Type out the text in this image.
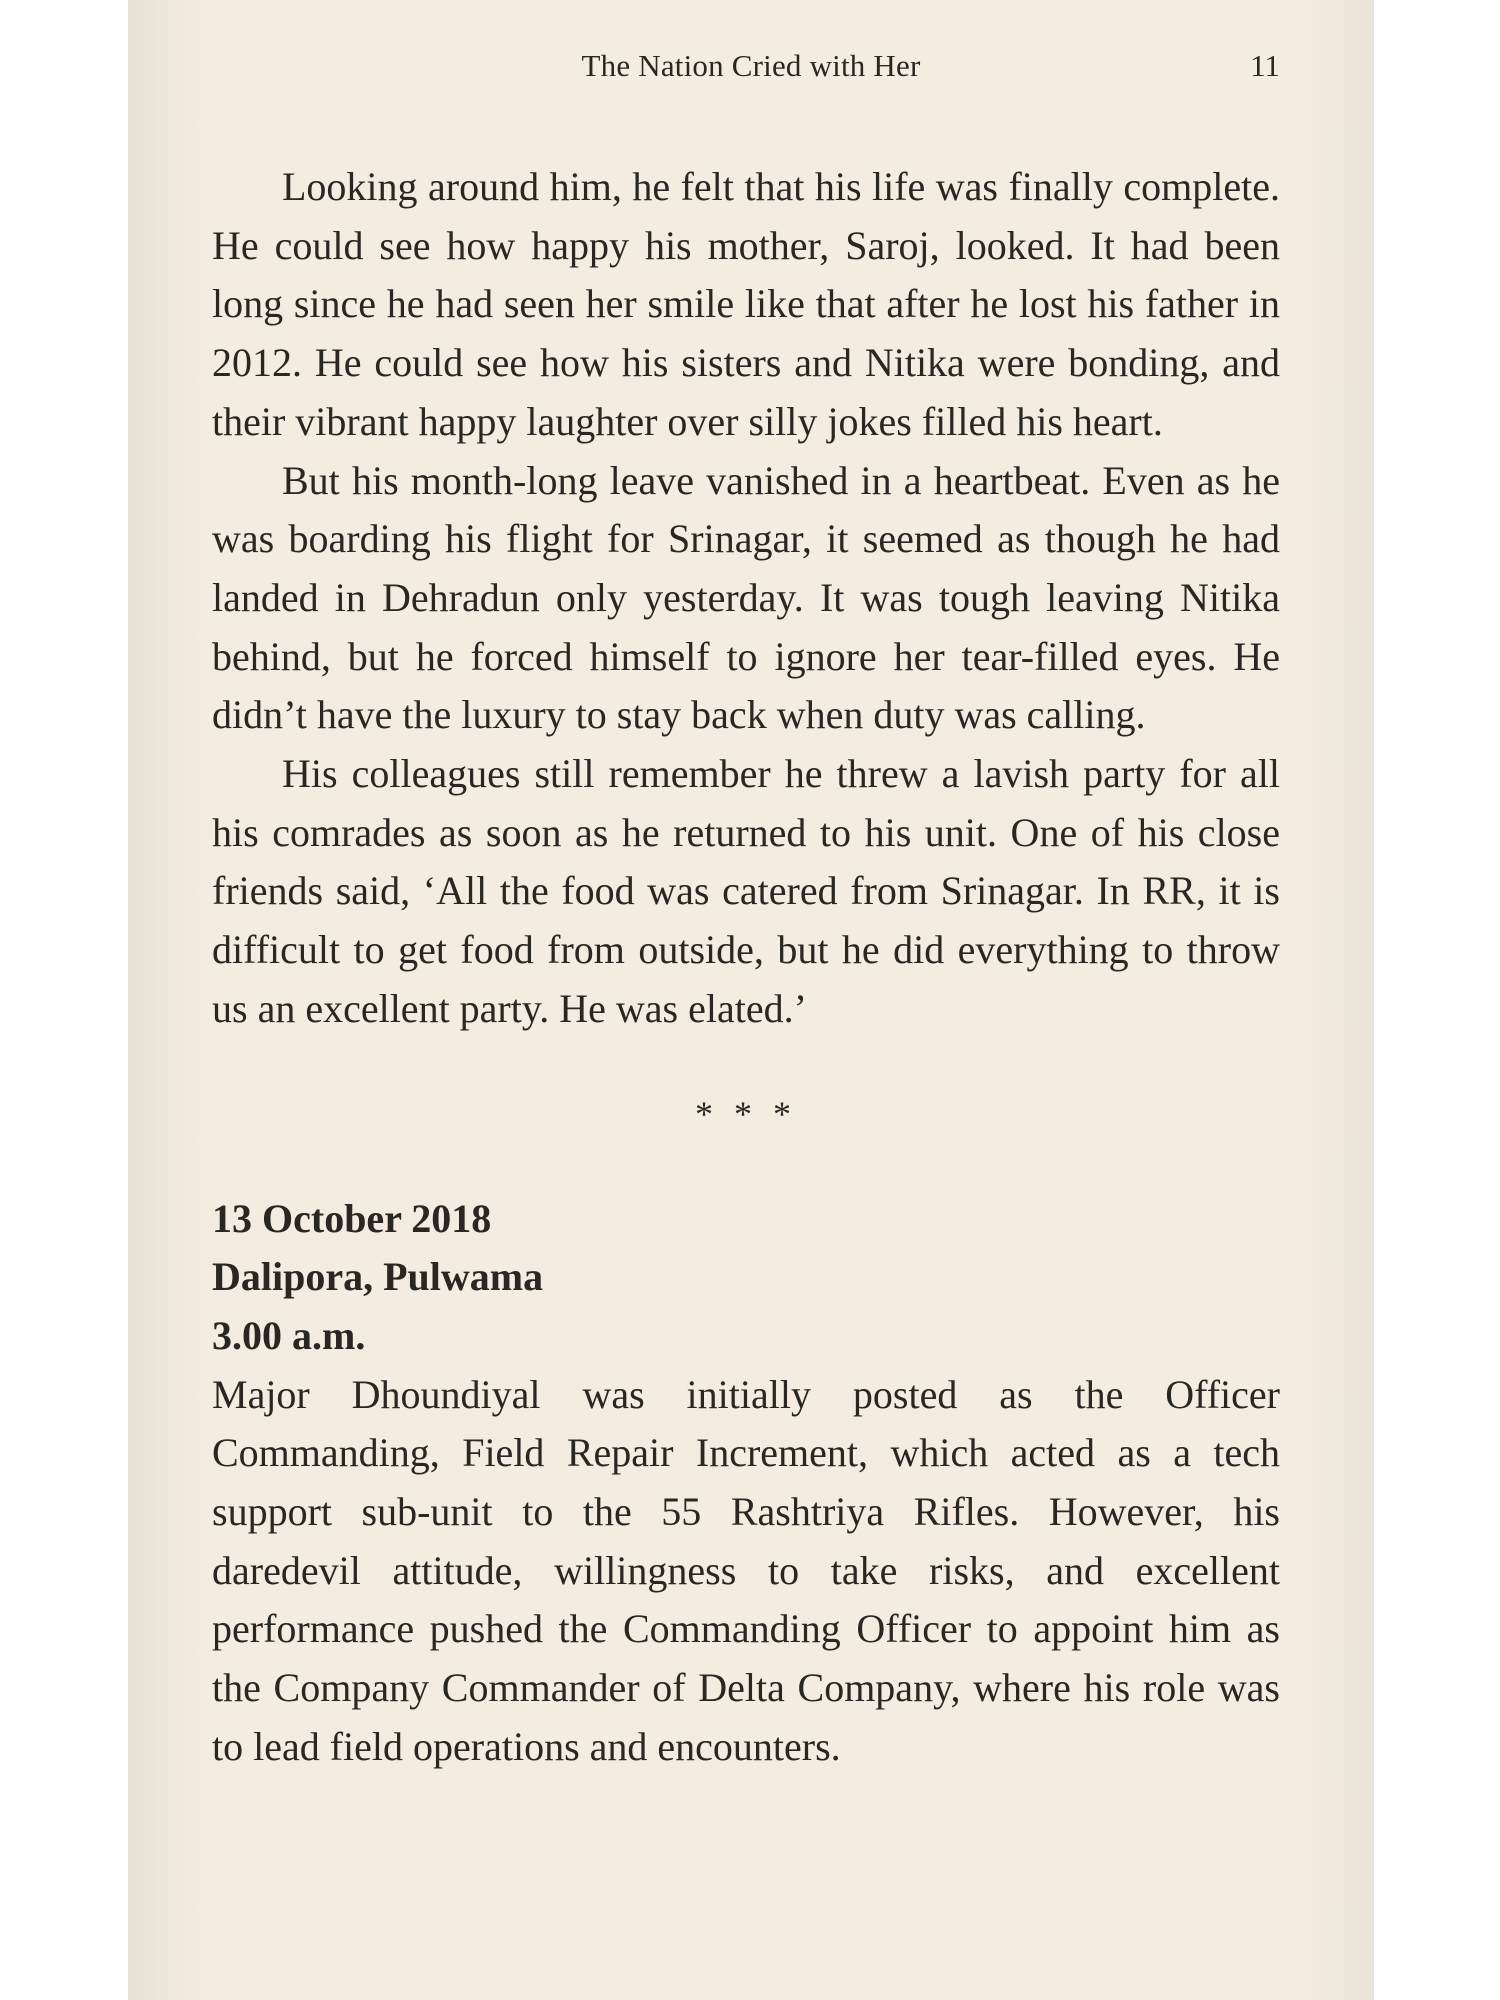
The Nation Cried with Her	11

Looking around him, he felt that his life was finally complete. He could see how happy his mother, Saroj, looked. It had been long since he had seen her smile like that after he lost his father in 2012. He could see how his sisters and Nitika were bonding, and their vibrant happy laughter over silly jokes filled his heart.

But his month-long leave vanished in a heartbeat. Even as he was boarding his flight for Srinagar, it seemed as though he had landed in Dehradun only yesterday. It was tough leaving Nitika behind, but he forced himself to ignore her tear-filled eyes. He didn’t have the luxury to stay back when duty was calling.

His colleagues still remember he threw a lavish party for all his comrades as soon as he returned to his unit. One of his close friends said, ‘All the food was catered from Srinagar. In RR, it is difficult to get food from outside, but he did everything to throw us an excellent party. He was elated.’

* * *

13 October 2018

Dalipora, Pulwama

3.00 a.m.

Major Dhoundiyal was initially posted as the Officer Commanding, Field Repair Increment, which acted as a tech support sub-unit to the 55 Rashtriya Rifles. However, his daredevil attitude, willingness to take risks, and excellent performance pushed the Commanding Officer to appoint him as the Company Commander of Delta Company, where his role was to lead field operations and encounters.
